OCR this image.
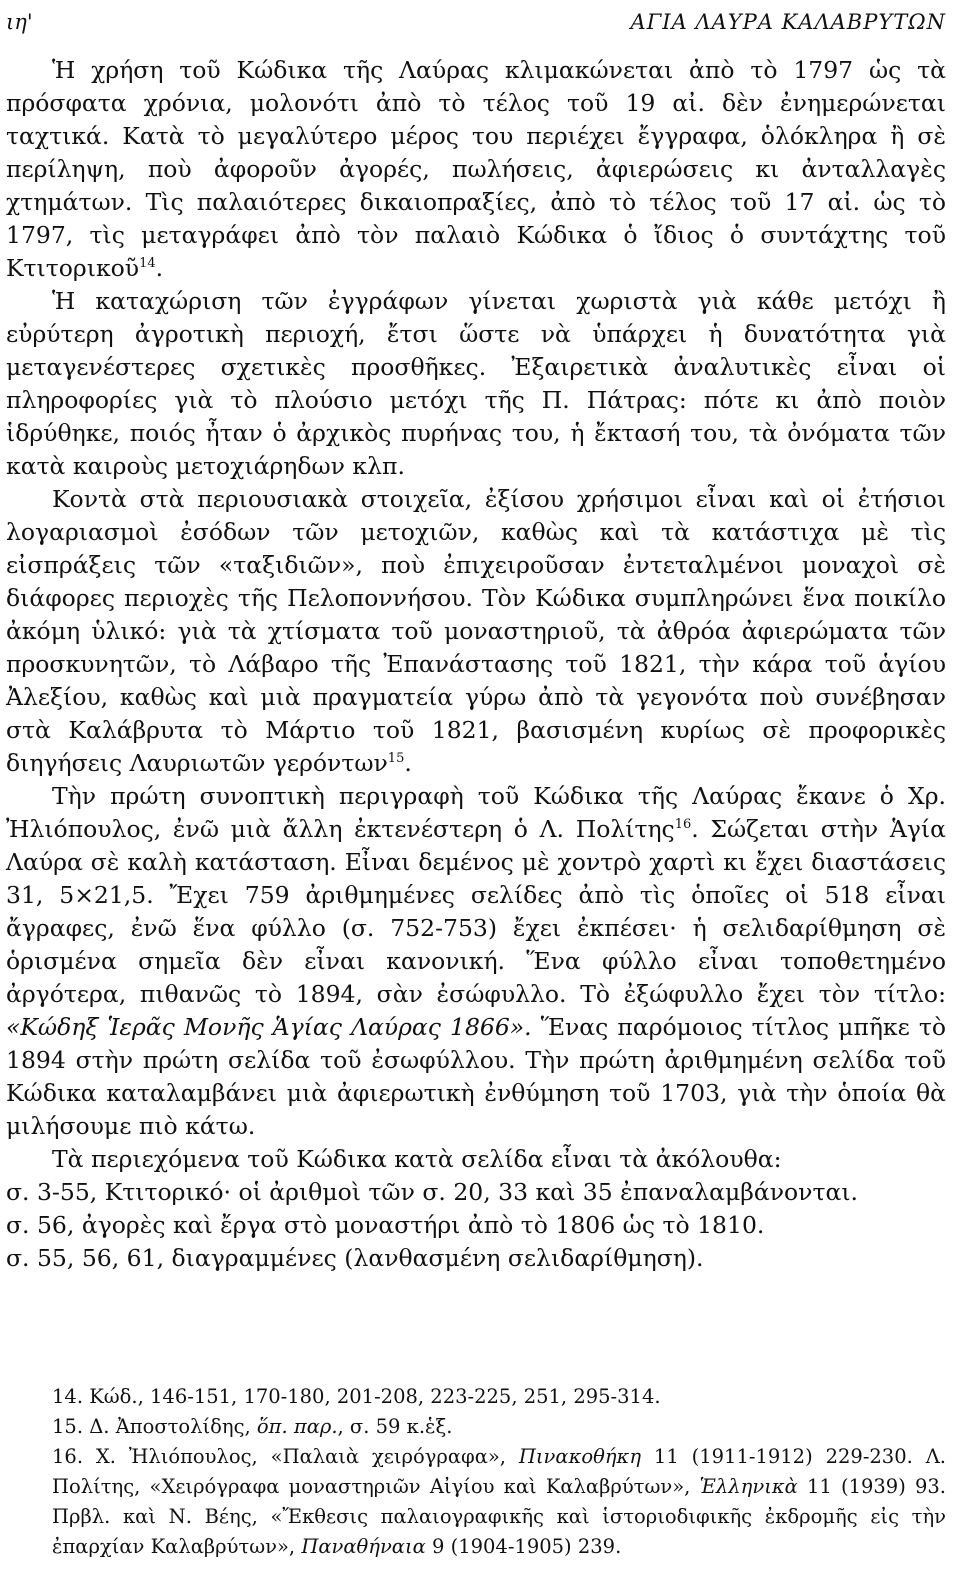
ιη'	ΑΓΙΑ ΛΑΥΡΑ ΚΑΛΑΒΡΥΤΩΝ

Ἡ χρήση τοῦ Κώδικα τῆς Λαύρας κλιμακώνεται ἀπὸ τὸ 1797 ὡς τὰ πρόσφατα χρόνια, μολονότι ἀπὸ τὸ τέλος τοῦ 19 αἰ. δὲν ἐνημερώνεται ταχτικά. Κατὰ τὸ μεγαλύτερο μέρος του περιέχει ἔγγραφα, ὁλόκληρα ἢ σὲ περίληψη, ποὺ ἀφοροῦν ἀγορές, πωλήσεις, ἀφιερώσεις κι ἀνταλλαγὲς χτημάτων. Τὶς παλαιότερες δικαιοπραξίες, ἀπὸ τὸ τέλος τοῦ 17 αἰ. ὡς τὸ 1797, τὶς μεταγράφει ἀπὸ τὸν παλαιὸ Κώδικα ὁ ἴδιος ὁ συντάχτης τοῦ Κτιτορικοῦ$^{14}$.

Ἡ καταχώριση τῶν ἐγγράφων γίνεται χωριστὰ γιὰ κάθε μετόχι ἢ εὐρύτερη ἀγροτικὴ περιοχή, ἔτσι ὥστε νὰ ὑπάρχει ἡ δυνατότητα γιὰ μεταγενέστερες σχετικὲς προσθῆκες. Ἐξαιρετικὰ ἀναλυτικὲς εἶναι οἱ πληροφορίες γιὰ τὸ πλούσιο μετόχι τῆς Π. Πάτρας: πότε κι ἀπὸ ποιὸν ἱδρύθηκε, ποιός ἦταν ὁ ἀρχικὸς πυρήνας του, ἡ ἔκτασή του, τὰ ὀνόματα τῶν κατὰ καιροὺς μετοχιάρηδων κλπ.

Κοντὰ στὰ περιουσιακὰ στοιχεῖα, ἐξίσου χρήσιμοι εἶναι καὶ οἱ ἐτήσιοι λογαριασμοὶ ἐσόδων τῶν μετοχιῶν, καθὼς καὶ τὰ κατάστιχα μὲ τὶς εἰσπράξεις τῶν «ταξιδιῶν», ποὺ ἐπιχειροῦσαν ἐντεταλμένοι μοναχοὶ σὲ διάφορες περιοχὲς τῆς Πελοποννήσου. Τὸν Κώδικα συμπληρώνει ἕνα ποικίλο ἀκόμη ὑλικό: γιὰ τὰ χτίσματα τοῦ μοναστηριοῦ, τὰ ἀθρόα ἀφιερώματα τῶν προσκυνητῶν, τὸ Λάβαρο τῆς Ἐπανάστασης τοῦ 1821, τὴν κάρα τοῦ ἁγίου Ἀλεξίου, καθὼς καὶ μιὰ πραγματεία γύρω ἀπὸ τὰ γεγονότα ποὺ συνέβησαν στὰ Καλάβρυτα τὸ Μάρτιο τοῦ 1821, βασισμένη κυρίως σὲ προφορικὲς διηγήσεις Λαυριωτῶν γερόντων$^{15}$.

Τὴν πρώτη συνοπτικὴ περιγραφὴ τοῦ Κώδικα τῆς Λαύρας ἔκανε ὁ Χρ. Ἠλιόπουλος, ἐνῶ μιὰ ἄλλη ἐκτενέστερη ὁ Λ. Πολίτης$^{16}$. Σώζεται στὴν Ἁγία Λαύρα σὲ καλὴ κατάσταση. Εἶναι δεμένος μὲ χοντρὸ χαρτὶ κι ἔχει διαστάσεις 31, 5×21,5. Ἔχει 759 ἀριθμημένες σελίδες ἀπὸ τὶς ὁποῖες οἱ 518 εἶναι ἄγραφες, ἐνῶ ἕνα φύλλο (σ. 752-753) ἔχει ἐκπέσει· ἡ σελιδαρίθμηση σὲ ὁρισμένα σημεῖα δὲν εἶναι κανονική. Ἕνα φύλλο εἶναι τοποθετημένο ἀργότερα, πιθανῶς τὸ 1894, σὰν ἐσώφυλλο. Τὸ ἐξώφυλλο ἔχει τὸν τίτλο: «Κώδηξ Ἱερᾶς Μονῆς Ἁγίας Λαύρας 1866». Ἕνας παρόμοιος τίτλος μπῆκε τὸ 1894 στὴν πρώτη σελίδα τοῦ ἐσωφύλλου. Τὴν πρώτη ἀριθμημένη σελίδα τοῦ Κώδικα καταλαμβάνει μιὰ ἀφιερωτικὴ ἐνθύμηση τοῦ 1703, γιὰ τὴν ὁποία θὰ μιλήσουμε πιὸ κάτω.

Τὰ περιεχόμενα τοῦ Κώδικα κατὰ σελίδα εἶναι τὰ ἀκόλουθα:

σ. 3-55, Κτιτορικό· οἱ ἀριθμοὶ τῶν σ. 20, 33 καὶ 35 ἐπαναλαμβάνονται.

σ. 56, ἀγορὲς καὶ ἔργα στὸ μοναστήρι ἀπὸ τὸ 1806 ὡς τὸ 1810.

σ. 55, 56, 61, διαγραμμένες (λανθασμένη σελιδαρίθμηση).

14. Κώδ., 146-151, 170-180, 201-208, 223-225, 251, 295-314.

15. Δ. Ἀποστολίδης, ὅπ. παρ., σ. 59 κ.ἑξ.

16. Χ. Ἠλιόπουλος, «Παλαιὰ χειρόγραφα», Πινακοθήκη 11 (1911-1912) 229-230. Λ. Πολίτης, «Χειρόγραφα μοναστηριῶν Αἰγίου καὶ Καλαβρύτων», Ἑλληνικὰ 11 (1939) 93. Πρβλ. καὶ Ν. Βέης, «Ἔκθεσις παλαιογραφικῆς καὶ ἱστοριοδιφικῆς ἐκδρομῆς εἰς τὴν ἐπαρχίαν Καλαβρύτων», Παναθήναια 9 (1904-1905) 239.
